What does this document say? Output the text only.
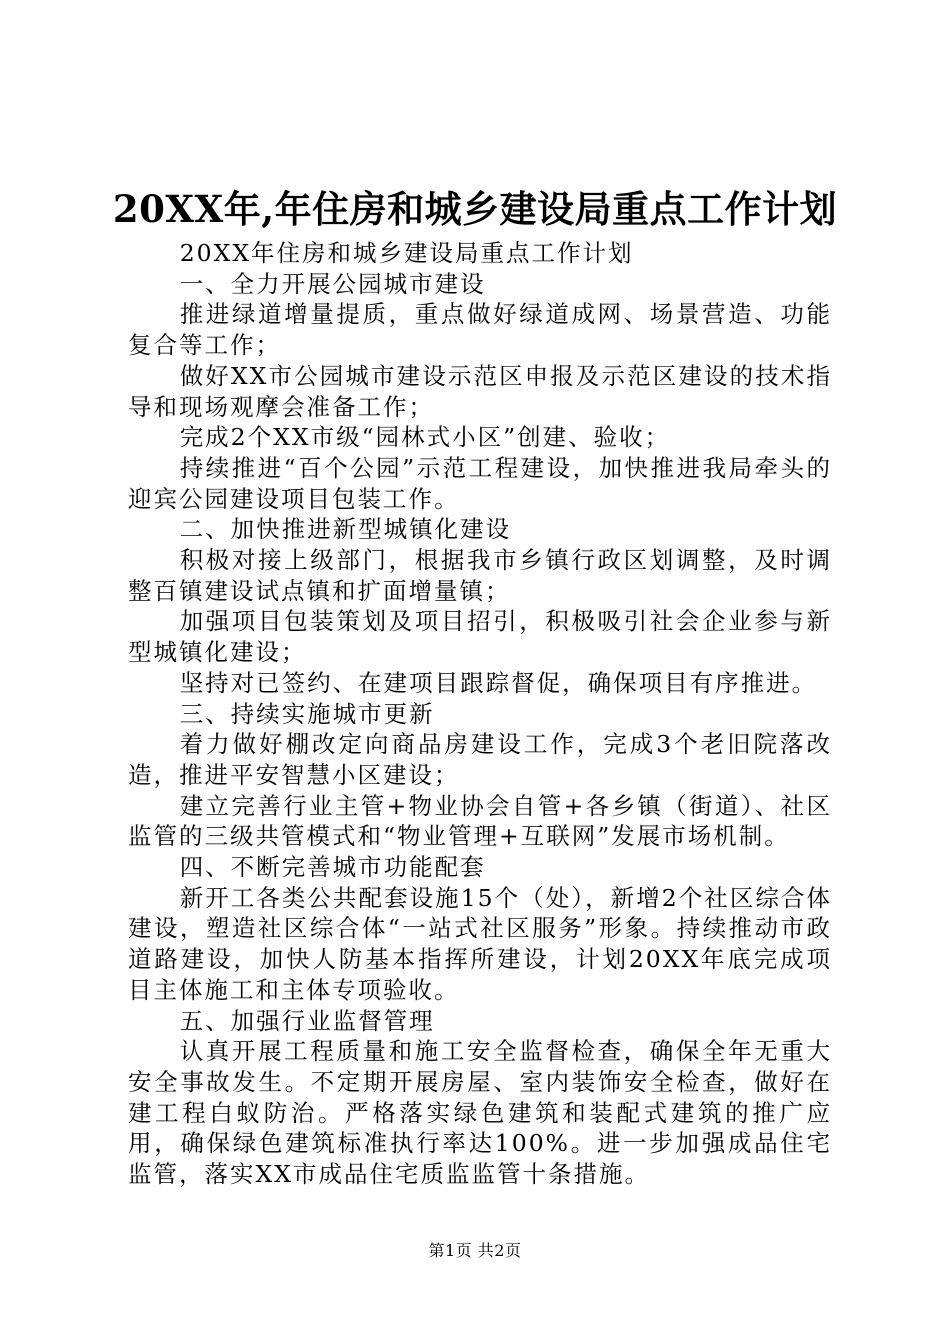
20XX年,年住房和城乡建设局重点工作计划

20XX年住房和城乡建设局重点工作计划

一、全力开展公园城市建设

推进绿道增量提质，重点做好绿道成网、场景营造、功能复合等工作；

做好XX市公园城市建设示范区申报及示范区建设的技术指导和现场观摩会准备工作；

完成2个XX市级“园林式小区”创建、验收；

持续推进“百个公园”示范工程建设，加快推进我局牵头的迎宾公园建设项目包装工作。

二、加快推进新型城镇化建设

积极对接上级部门，根据我市乡镇行政区划调整，及时调整百镇建设试点镇和扩面增量镇；

加强项目包装策划及项目招引，积极吸引社会企业参与新型城镇化建设；

坚持对已签约、在建项目跟踪督促，确保项目有序推进。

三、持续实施城市更新

着力做好棚改定向商品房建设工作，完成3个老旧院落改造，推进平安智慧小区建设；

建立完善行业主管+物业协会自管+各乡镇（街道）、社区监管的三级共管模式和“物业管理+互联网”发展市场机制。

四、不断完善城市功能配套

新开工各类公共配套设施15个（处），新增2个社区综合体建设，塑造社区综合体“一站式社区服务”形象。持续推动市政道路建设，加快人防基本指挥所建设，计划20XX年底完成项目主体施工和主体专项验收。

五、加强行业监督管理

认真开展工程质量和施工安全监督检查，确保全年无重大安全事故发生。不定期开展房屋、室内装饰安全检查，做好在建工程白蚁防治。严格落实绿色建筑和装配式建筑的推广应用，确保绿色建筑标准执行率达100%。进一步加强成品住宅监管，落实XX市成品住宅质监监管十条措施。

第1页 共2页
